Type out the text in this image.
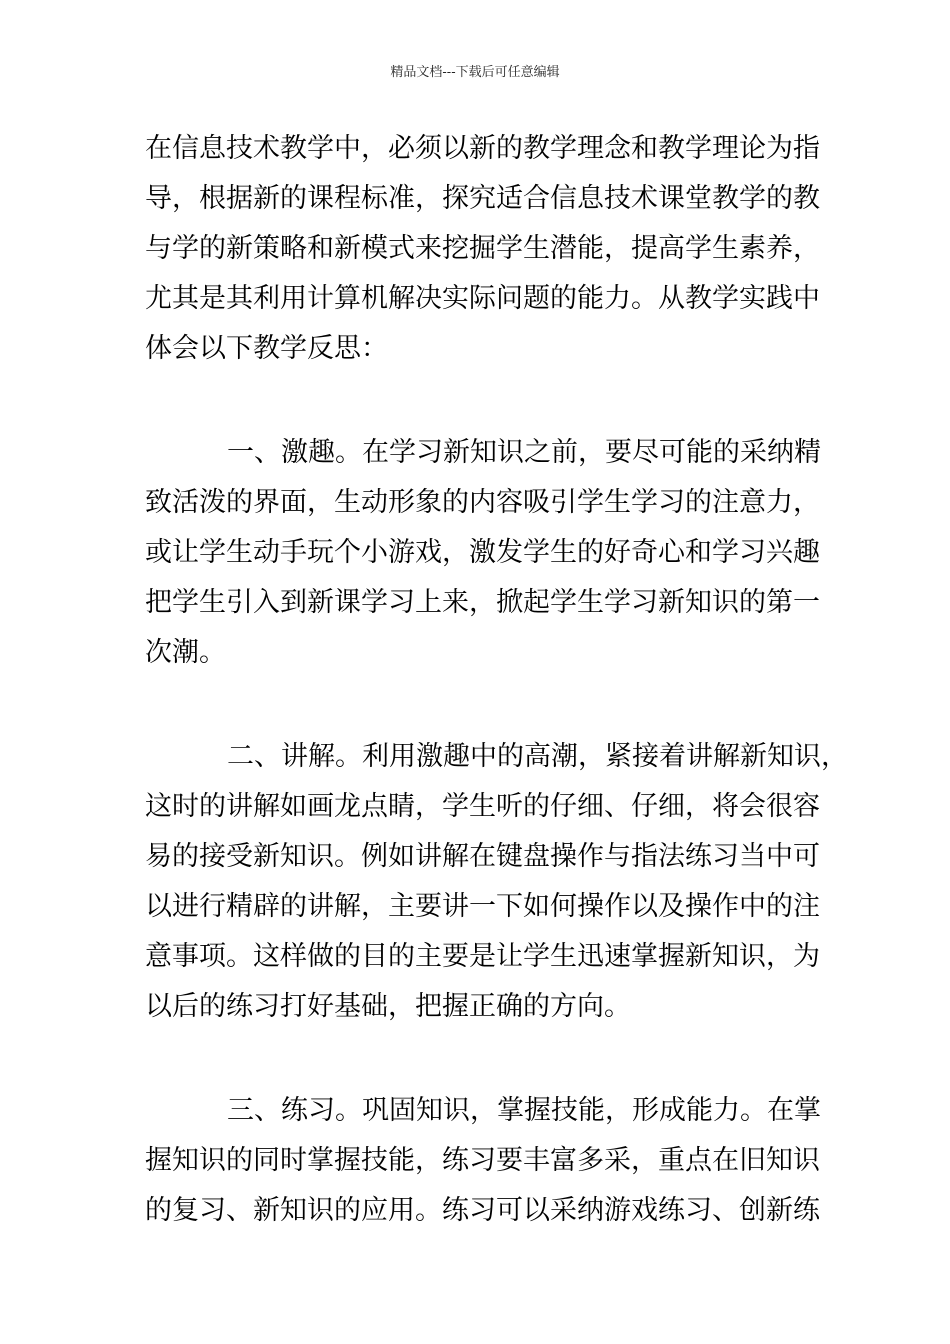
精品文档---下载后可任意编辑
在信息技术教学中，必须以新的教学理念和教学理论为指
导，根据新的课程标准，探究适合信息技术课堂教学的教
与学的新策略和新模式来挖掘学生潜能，提高学生素养，
尤其是其利用计算机解决实际问题的能力。从教学实践中
体会以下教学反思：
一、激趣。在学习新知识之前，要尽可能的采纳精
致活泼的界面，生动形象的内容吸引学生学习的注意力，
或让学生动手玩个小游戏，激发学生的好奇心和学习兴趣
把学生引入到新课学习上来，掀起学生学习新知识的第一
次潮。
二、讲解。利用激趣中的高潮，紧接着讲解新知识，
这时的讲解如画龙点睛，学生听的仔细、仔细，将会很容
易的接受新知识。例如讲解在键盘操作与指法练习当中可
以进行精辟的讲解，主要讲一下如何操作以及操作中的注
意事项。这样做的目的主要是让学生迅速掌握新知识，为
以后的练习打好基础，把握正确的方向。
三、练习。巩固知识，掌握技能，形成能力。在掌
握知识的同时掌握技能，练习要丰富多采，重点在旧知识
的复习、新知识的应用。练习可以采纳游戏练习、创新练
